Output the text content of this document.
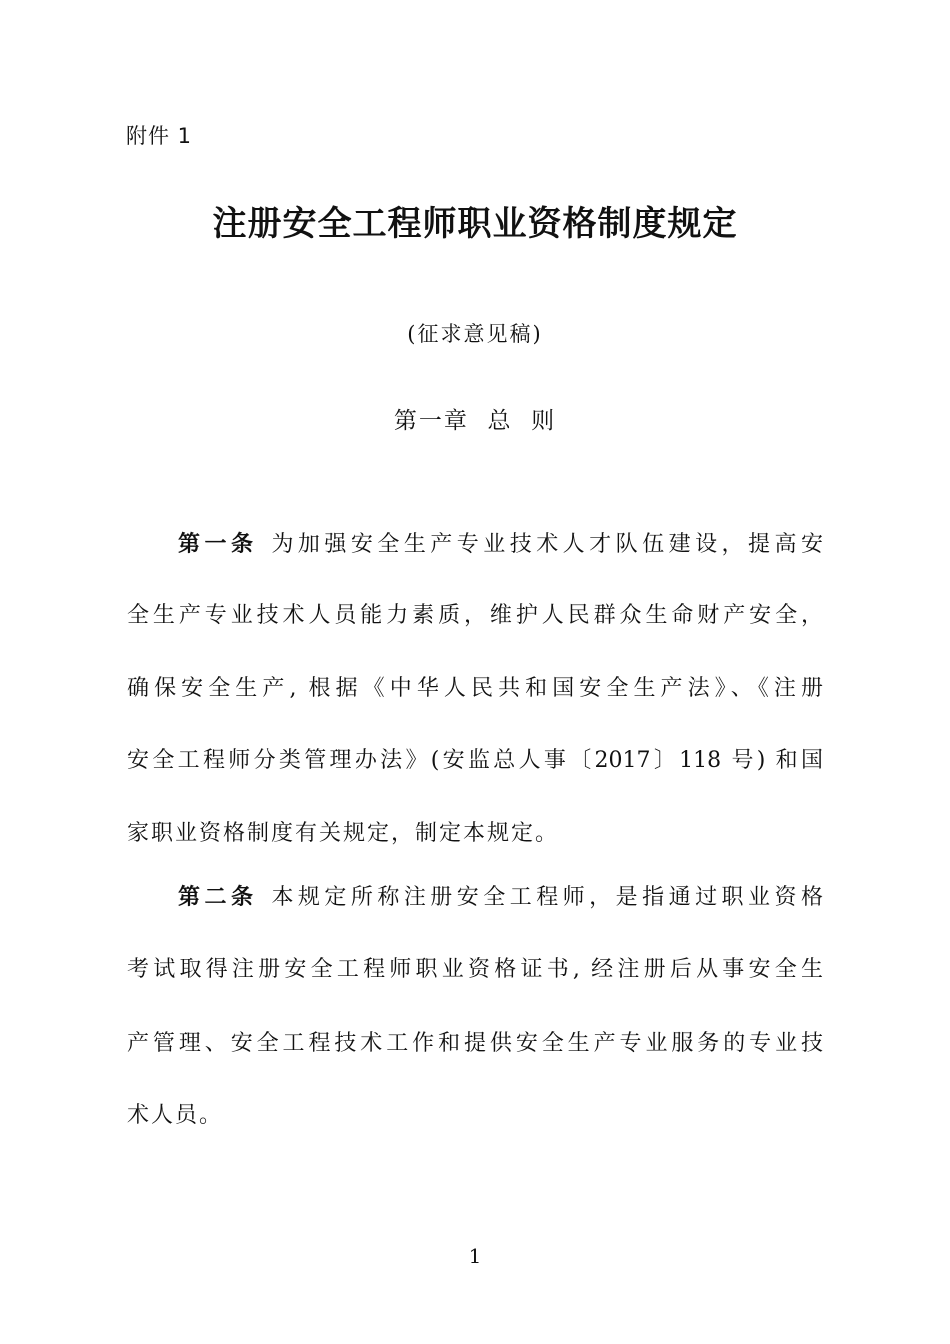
附件 1
注册安全工程师职业资格制度规定
(征求意见稿)
第一章  总  则
第一条 为加强安全生产专业技术人才队伍建设，提高安
全生产专业技术人员能力素质，维护人民群众生命财产安全，
确保安全生产, 根据《中华人民共和国安全生产法》、《注册
安全工程师分类管理办法》(安监总人事〔2017〕118 号) 和国
家职业资格制度有关规定，制定本规定。
第二条 本规定所称注册安全工程师，是指通过职业资格
考试取得注册安全工程师职业资格证书, 经注册后从事安全生
产管理、安全工程技术工作和提供安全生产专业服务的专业技
术人员。
1
